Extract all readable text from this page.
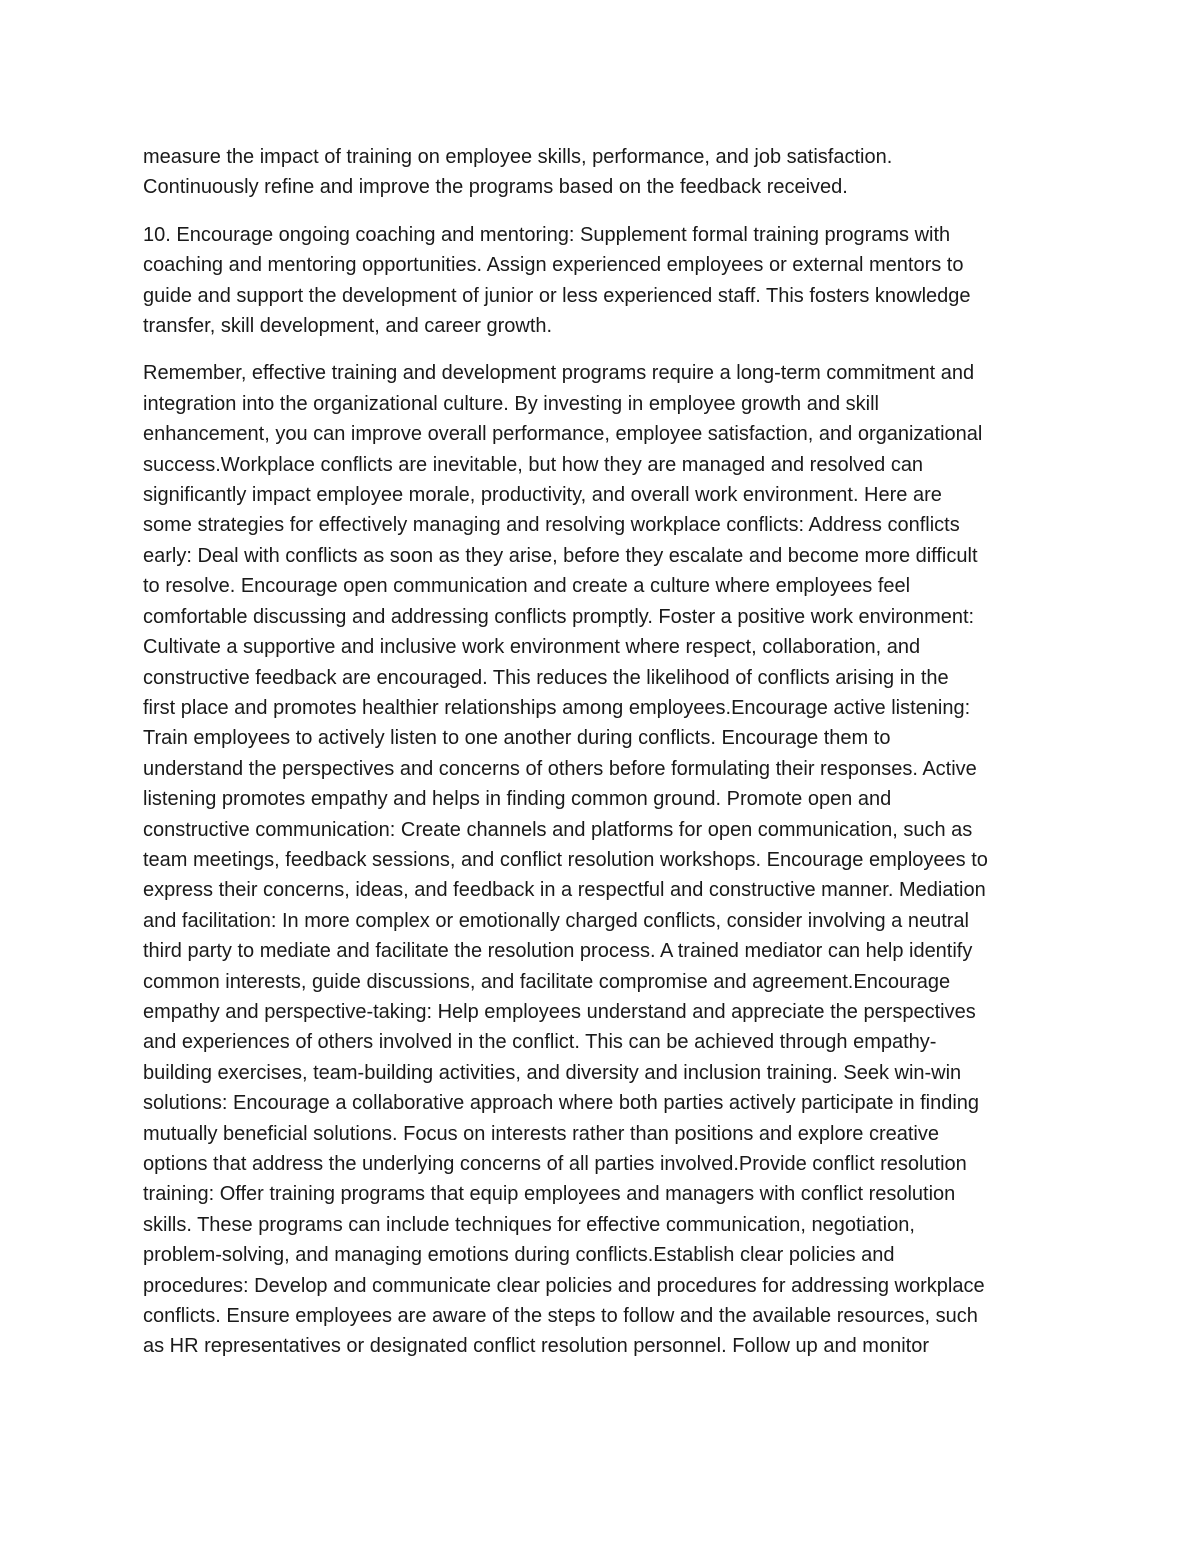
measure the impact of training on employee skills, performance, and job satisfaction.
Continuously refine and improve the programs based on the feedback received.

10. Encourage ongoing coaching and mentoring: Supplement formal training programs with
coaching and mentoring opportunities. Assign experienced employees or external mentors to
guide and support the development of junior or less experienced staff. This fosters knowledge
transfer, skill development, and career growth.

Remember, effective training and development programs require a long-term commitment and
integration into the organizational culture. By investing in employee growth and skill
enhancement, you can improve overall performance, employee satisfaction, and organizational
success.Workplace conflicts are inevitable, but how they are managed and resolved can
significantly impact employee morale, productivity, and overall work environment. Here are
some strategies for effectively managing and resolving workplace conflicts: Address conflicts
early: Deal with conflicts as soon as they arise, before they escalate and become more difficult
to resolve. Encourage open communication and create a culture where employees feel
comfortable discussing and addressing conflicts promptly. Foster a positive work environment:
Cultivate a supportive and inclusive work environment where respect, collaboration, and
constructive feedback are encouraged. This reduces the likelihood of conflicts arising in the
first place and promotes healthier relationships among employees.Encourage active listening:
Train employees to actively listen to one another during conflicts. Encourage them to
understand the perspectives and concerns of others before formulating their responses. Active
listening promotes empathy and helps in finding common ground. Promote open and
constructive communication: Create channels and platforms for open communication, such as
team meetings, feedback sessions, and conflict resolution workshops. Encourage employees to
express their concerns, ideas, and feedback in a respectful and constructive manner. Mediation
and facilitation: In more complex or emotionally charged conflicts, consider involving a neutral
third party to mediate and facilitate the resolution process. A trained mediator can help identify
common interests, guide discussions, and facilitate compromise and agreement.Encourage
empathy and perspective-taking: Help employees understand and appreciate the perspectives
and experiences of others involved in the conflict. This can be achieved through empathy-
building exercises, team-building activities, and diversity and inclusion training. Seek win-win
solutions: Encourage a collaborative approach where both parties actively participate in finding
mutually beneficial solutions. Focus on interests rather than positions and explore creative
options that address the underlying concerns of all parties involved.Provide conflict resolution
training: Offer training programs that equip employees and managers with conflict resolution
skills. These programs can include techniques for effective communication, negotiation,
problem-solving, and managing emotions during conflicts.Establish clear policies and
procedures: Develop and communicate clear policies and procedures for addressing workplace
conflicts. Ensure employees are aware of the steps to follow and the available resources, such
as HR representatives or designated conflict resolution personnel. Follow up and monitor
